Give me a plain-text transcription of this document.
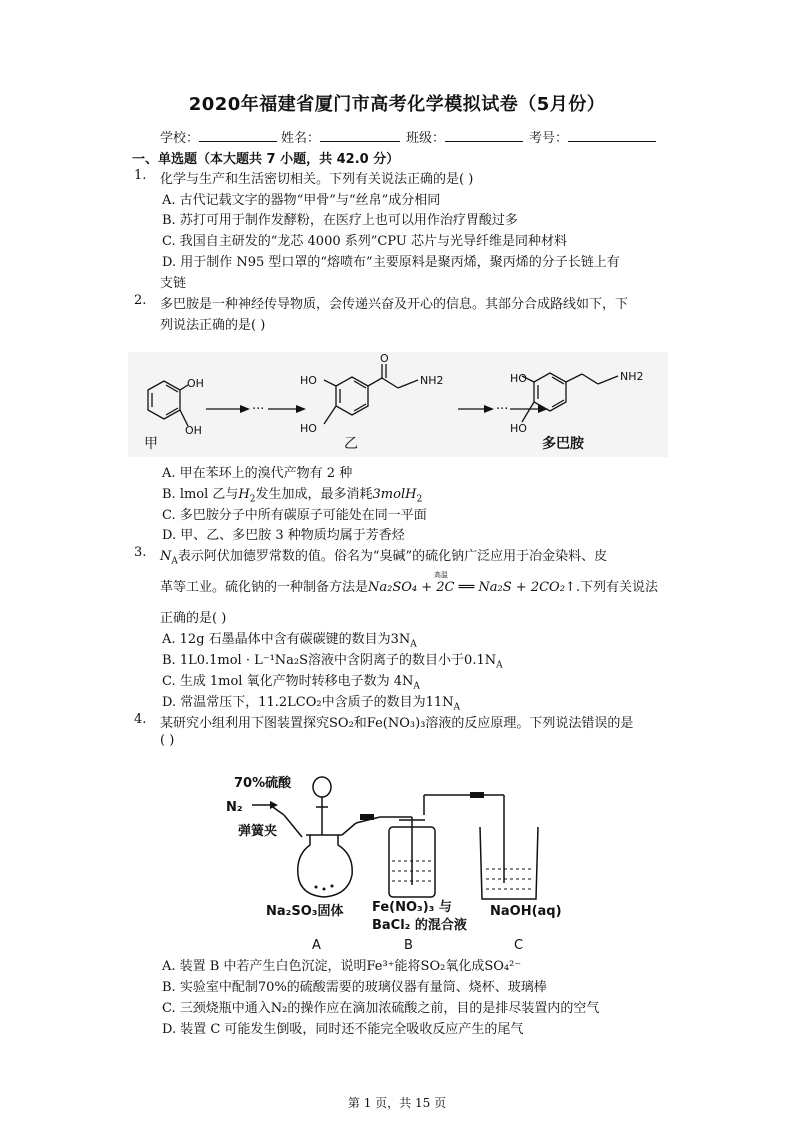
2020年福建省厦门市高考化学模拟试卷（5月份）
学校：	姓名：	班级：	考号：
一、单选题（本大题共 7 小题，共 42.0 分）
1. 化学与生产和生活密切相关。下列有关说法正确的是( )
A. 古代记载文字的器物“甲骨”与“丝帛”成分相同
B. 苏打可用于制作发酵粉，在医疗上也可以用作治疗胃酸过多
C. 我国自主研发的“龙芯 4000 系列”CPU 芯片与光导纤维是同种材料
D. 用于制作 N95 型口罩的“熔喷布”主要原料是聚丙烯，聚丙烯的分子长链上有
支链
2. 多巴胺是一种神经传导物质，会传递兴奋及开心的信息。其部分合成路线如下，下
列说法正确的是( )
OH
OH
···
HO
HO
O
NH2
···
HO
HO
NH2
甲	乙	多巴胺
A. 甲在苯环上的溴代产物有 2 种
B. lmol 乙与$H_2$发生加成，最多消耗3molH$_2$
C. 多巴胺分子中所有碳原子可能处在同一平面
D. 甲、乙、多巴胺 3 种物质均属于芳香烃
3. $N_A$表示阿伏加德罗常数的值。俗名为“臭碱”的硫化钠广泛应用于冶金染料、皮
革等工业。硫化钠的一种制备方法是
高温
Na₂SO₄ + 2C ══ Na₂S + 2CO₂↑.下列有关说法
正确的是( )
A. 12g 石墨晶体中含有碳碳键的数目为$3N_A$
B. 1L0.1mol · L⁻¹Na₂S溶液中含阴离子的数目小于$0.1N_A$
C. 生成 1mol 氧化产物时转移电子数为 $4N_A$
D. 常温常压下，11.2LCO₂中含质子的数目为$11N_A$
4. 某研究小组利用下图装置探究SO₂和Fe(NO₃)₃溶液的反应原理。下列说法错误的是
( )
70%硫酸
N₂
弹簧夹
Na₂SO₃固体 Fe(NO₃)₃ 与
BaCl₂ 的混合液
NaOH(aq)
A	B	C
A. 装置 B 中若产生白色沉淀，说明Fe³⁺能将SO₂氧化成SO₄²⁻
B. 实验室中配制70%的硫酸需要的玻璃仪器有量筒、烧杯、玻璃棒
C. 三颈烧瓶中通入N₂的操作应在滴加浓硫酸之前，目的是排尽装置内的空气
D. 装置 C 可能发生倒吸，同时还不能完全吸收反应产生的尾气
第 1 页，共 15 页
